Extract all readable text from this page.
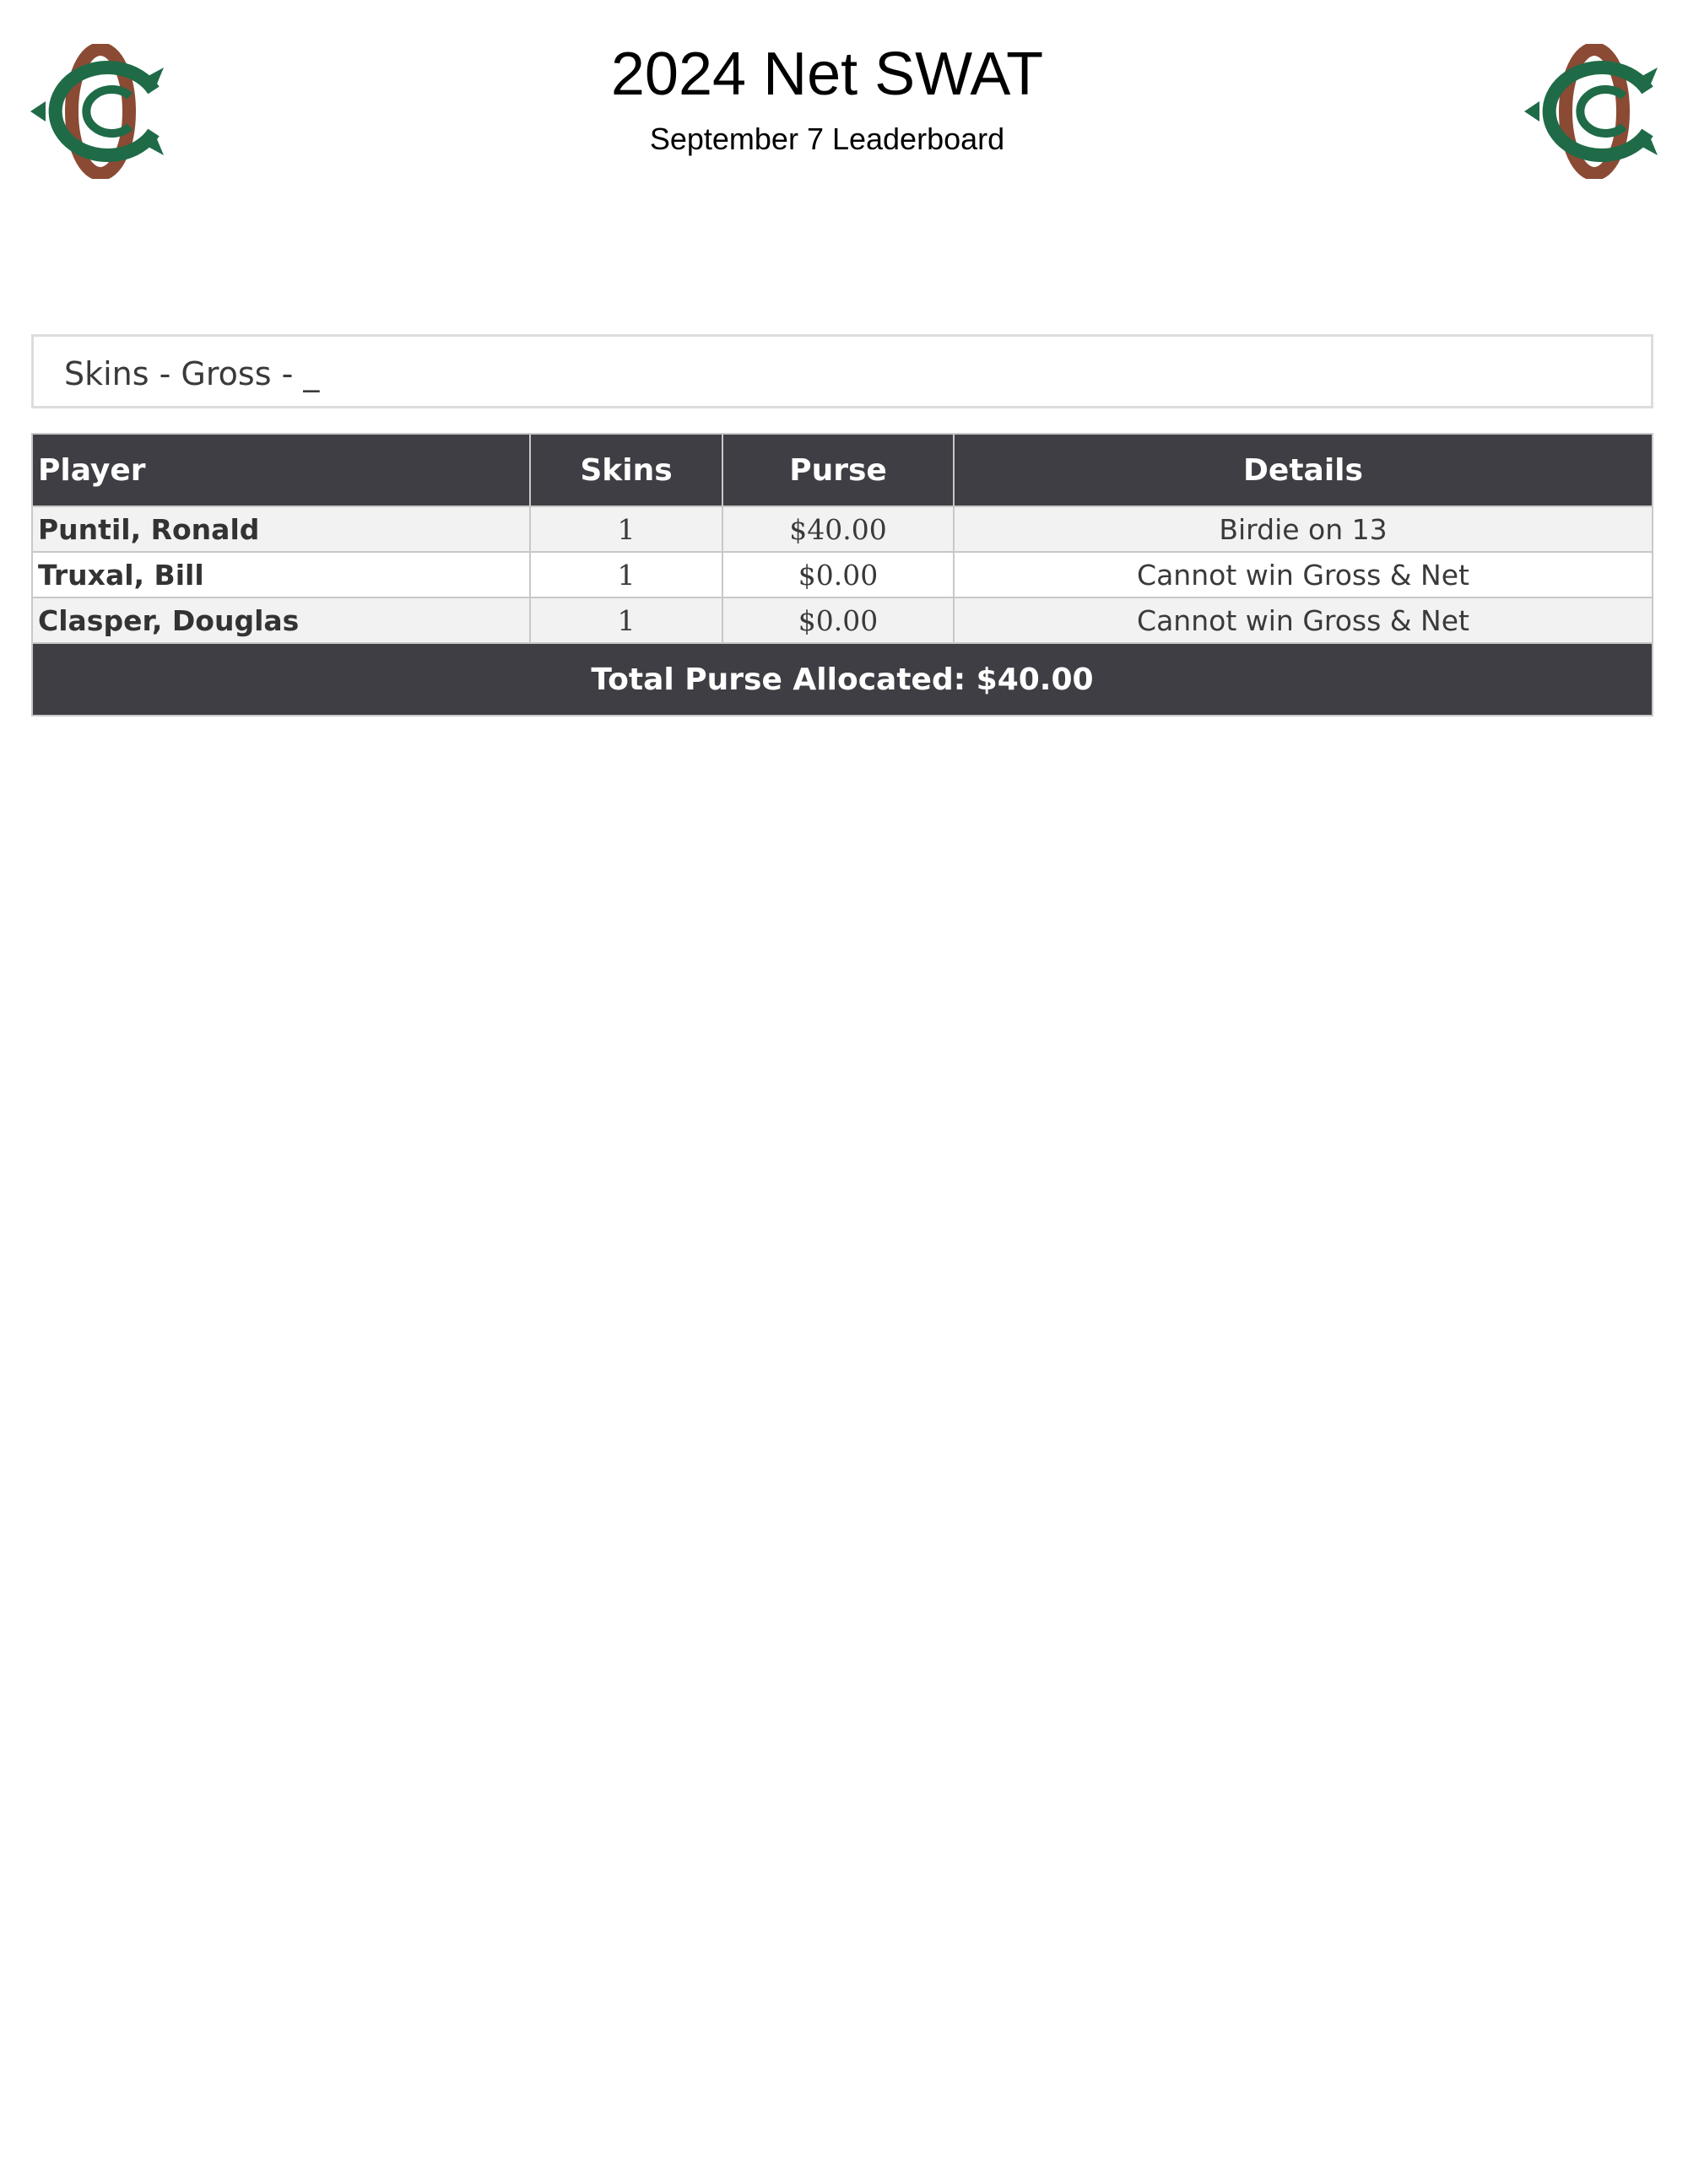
2024 Net SWAT
September 7 Leaderboard
Skins - Gross - _
Player	Skins	Purse	Details
Puntil, Ronald	1	$40.00	Birdie on 13
Truxal, Bill	1	$0.00	Cannot win Gross & Net
Clasper, Douglas	1	$0.00	Cannot win Gross & Net
Total Purse Allocated: $40.00			
